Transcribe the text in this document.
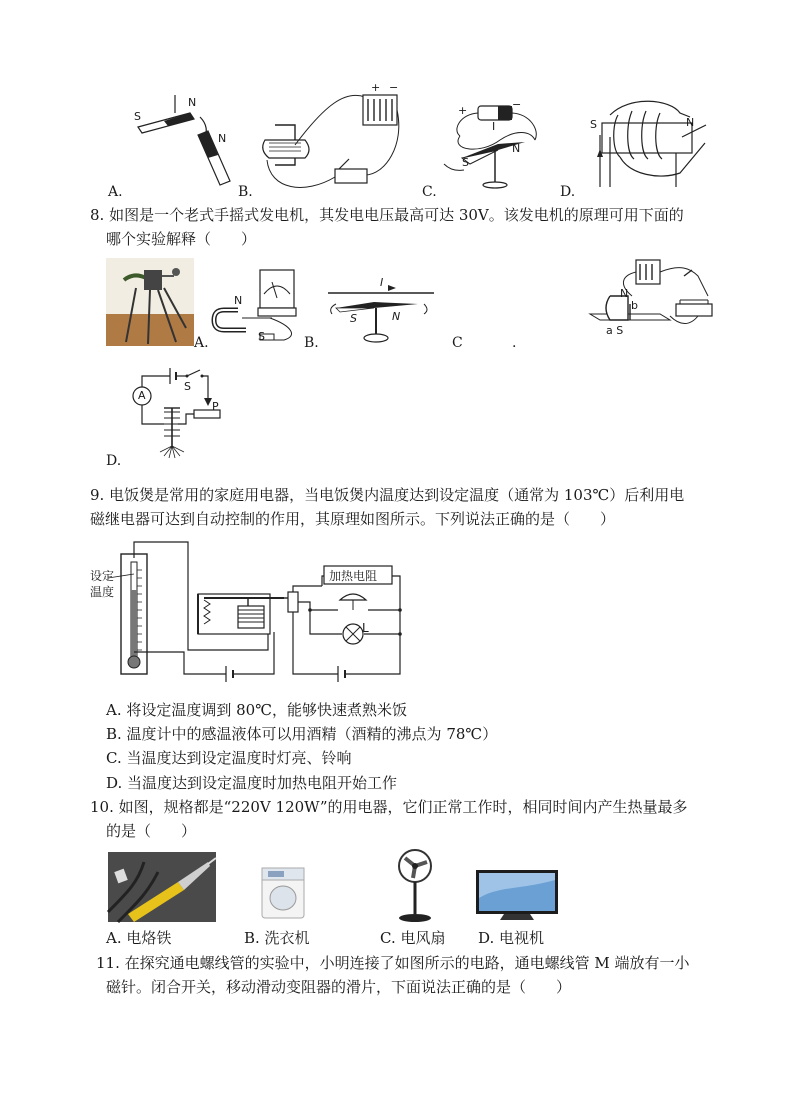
S
N
N
A.
+ −
B.
+	−
I
S
N
C.
S	N
D.
8. 如图是一个老式手摇式发电机，其发电电压最高可达 30V。该发电机的原理可用下面的
哪个实验解释（　　）
A.
N
S	B.
I
S	N
C	.
N
b
a S
A
S
P
D.
9. 电饭煲是常用的家庭用电器，当电饭煲内温度达到设定温度（通常为 103℃）后利用电
磁继电器可达到自动控制的作用，其原理如图所示。下列说法正确的是（　　）
设定
温度
加热电阻
L
A. 将设定温度调到 80℃，能够快速煮熟米饭
B. 温度计中的感温液体可以用酒精（酒精的沸点为 78℃）
C. 当温度达到设定温度时灯亮、铃响
D. 当温度达到设定温度时加热电阻开始工作
10. 如图，规格都是“220V 120W”的用电器，它们正常工作时，相同时间内产生热量最多
的是（　　）
A. 电烙铁	B. 洗衣机	C. 电风扇 D. 电视机
11. 在探究通电螺线管的实验中，小明连接了如图所示的电路，通电螺线管 M 端放有一小
磁针。闭合开关，移动滑动变阻器的滑片，下面说法正确的是（　　）
